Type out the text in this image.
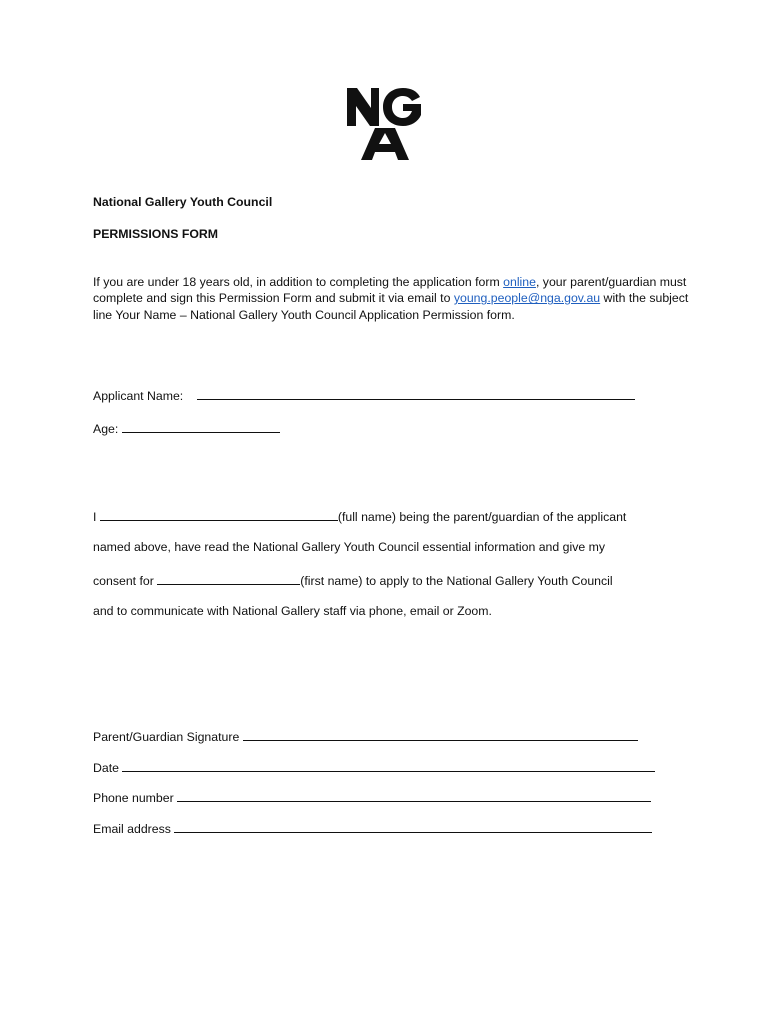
National Gallery Youth Council
PERMISSIONS FORM
If you are under 18 years old, in addition to completing the application form online, your parent/guardian must complete and sign this Permission Form and submit it via email to young.people@nga.gov.au with the subject line Your Name – National Gallery Youth Council Application Permission form.
Applicant Name:
Age:
I	(full name) being the parent/guardian of the applicant
named above, have read the National Gallery Youth Council essential information and give my
consent for	(first name) to apply to the National Gallery Youth Council
and to communicate with National Gallery staff via phone, email or Zoom.
Parent/Guardian Signature
Date
Phone number
Email address
